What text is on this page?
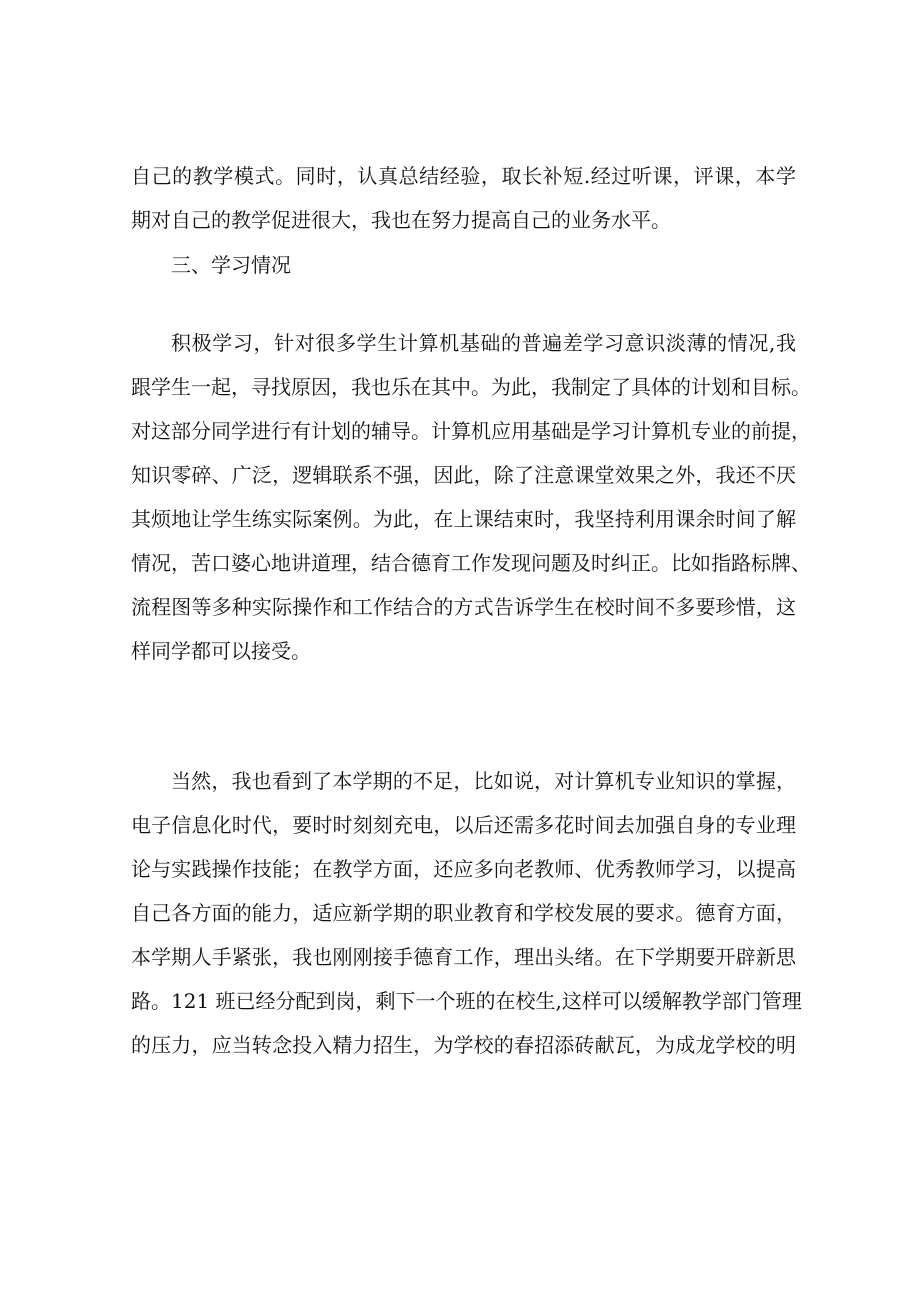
自己的教学模式。同时，认真总结经验，取长补短.经过听课，评课，本学
期对自己的教学促进很大，我也在努力提高自己的业务水平。
三、学习情况
积极学习，针对很多学生计算机基础的普遍差学习意识淡薄的情况,我
跟学生一起，寻找原因，我也乐在其中。为此，我制定了具体的计划和目标。
对这部分同学进行有计划的辅导。计算机应用基础是学习计算机专业的前提，
知识零碎、广泛，逻辑联系不强，因此，除了注意课堂效果之外，我还不厌
其烦地让学生练实际案例。为此，在上课结束时，我坚持利用课余时间了解
情况，苦口婆心地讲道理，结合德育工作发现问题及时纠正。比如指路标牌、
流程图等多种实际操作和工作结合的方式告诉学生在校时间不多要珍惜，这
样同学都可以接受。
当然，我也看到了本学期的不足，比如说，对计算机专业知识的掌握，
电子信息化时代，要时时刻刻充电，以后还需多花时间去加强自身的专业理
论与实践操作技能；在教学方面，还应多向老教师、优秀教师学习，以提高
自己各方面的能力，适应新学期的职业教育和学校发展的要求。德育方面，
本学期人手紧张，我也刚刚接手德育工作，理出头绪。在下学期要开辟新思
路。121 班已经分配到岗，剩下一个班的在校生,这样可以缓解教学部门管理
的压力，应当转念投入精力招生，为学校的春招添砖献瓦，为成龙学校的明
